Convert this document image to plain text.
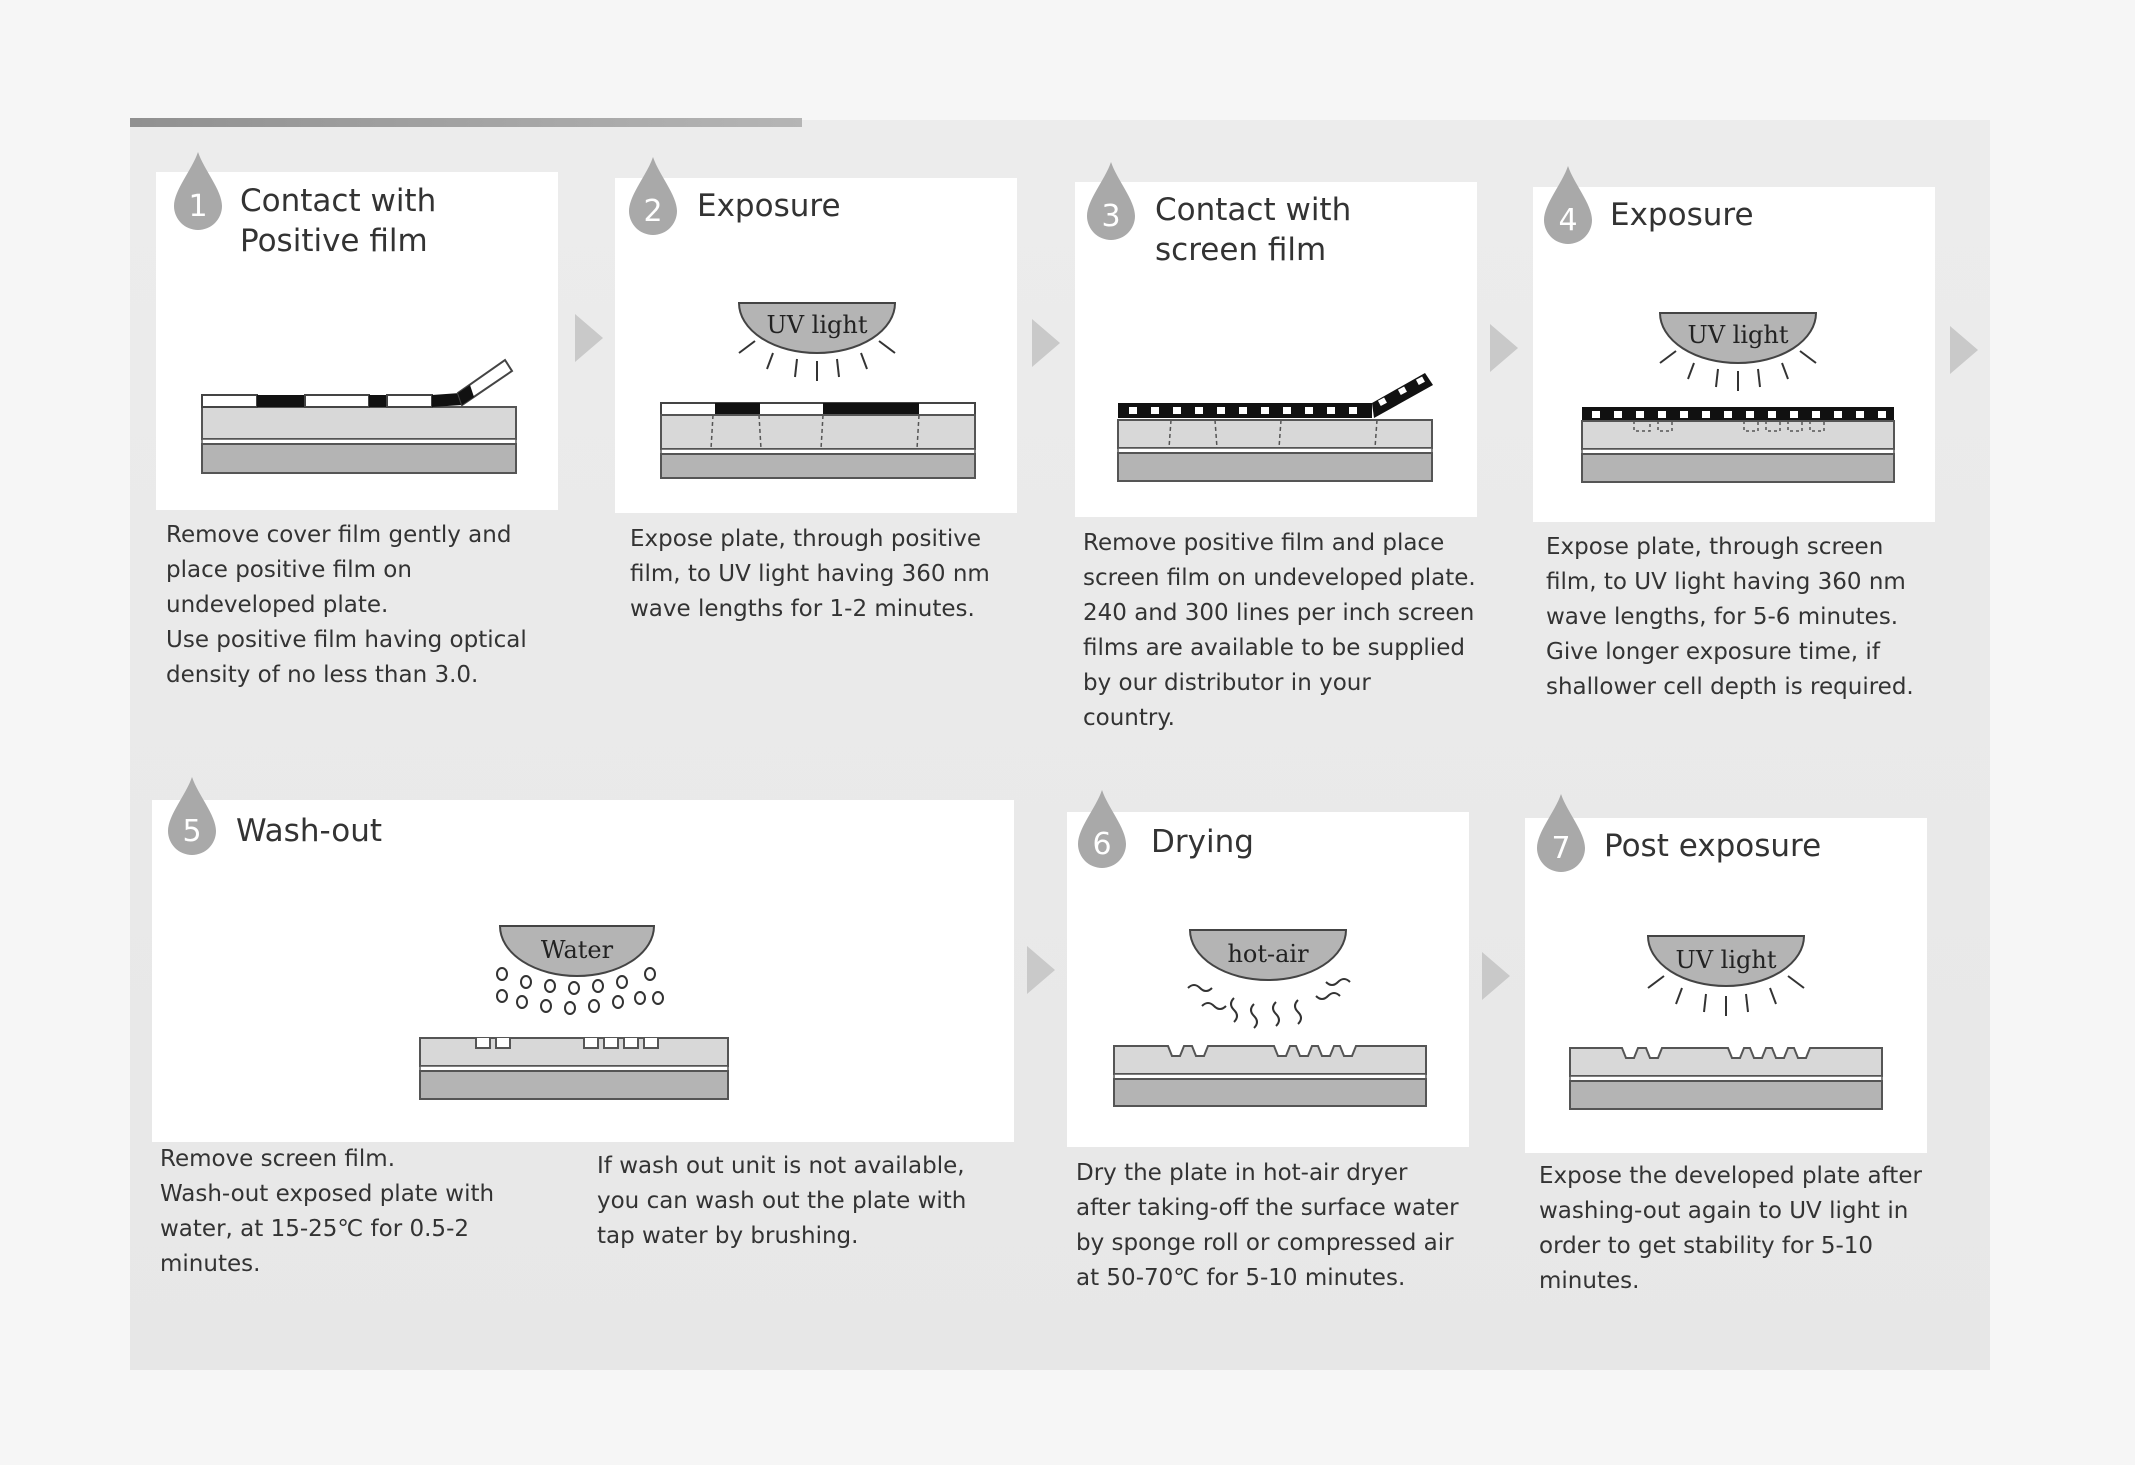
1 Contact with
Positive film
Remove cover film gently and
place positive film on
undeveloped plate.
Use positive film having optical
density of no less than 3.0.
2 Exposure
UV light
Expose plate, through positive
film, to UV light having 360 nm
wave lengths for 1-2 minutes.
3 Contact with
screen film
Remove positive film and place
screen film on undeveloped plate.
240 and 300 lines per inch screen
films are available to be supplied
by our distributor in your
country.
4 Exposure
UV light
Expose plate, through screen
film, to UV light having 360 nm
wave lengths, for 5-6 minutes.
Give longer exposure time, if
shallower cell depth is required.
5 Wash-out
Water
Remove screen film.
Wash-out exposed plate with
water, at 15-25℃ for 0.5-2
minutes.
If wash out unit is not available,
you can wash out the plate with
tap water by brushing.
6 Drying
hot-air
Dry the plate in hot-air dryer
after taking-off the surface water
by sponge roll or compressed air
at 50-70℃ for 5-10 minutes.
7 Post exposure
UV light
Expose the developed plate after
washing-out again to UV light in
order to get stability for 5-10
minutes.
